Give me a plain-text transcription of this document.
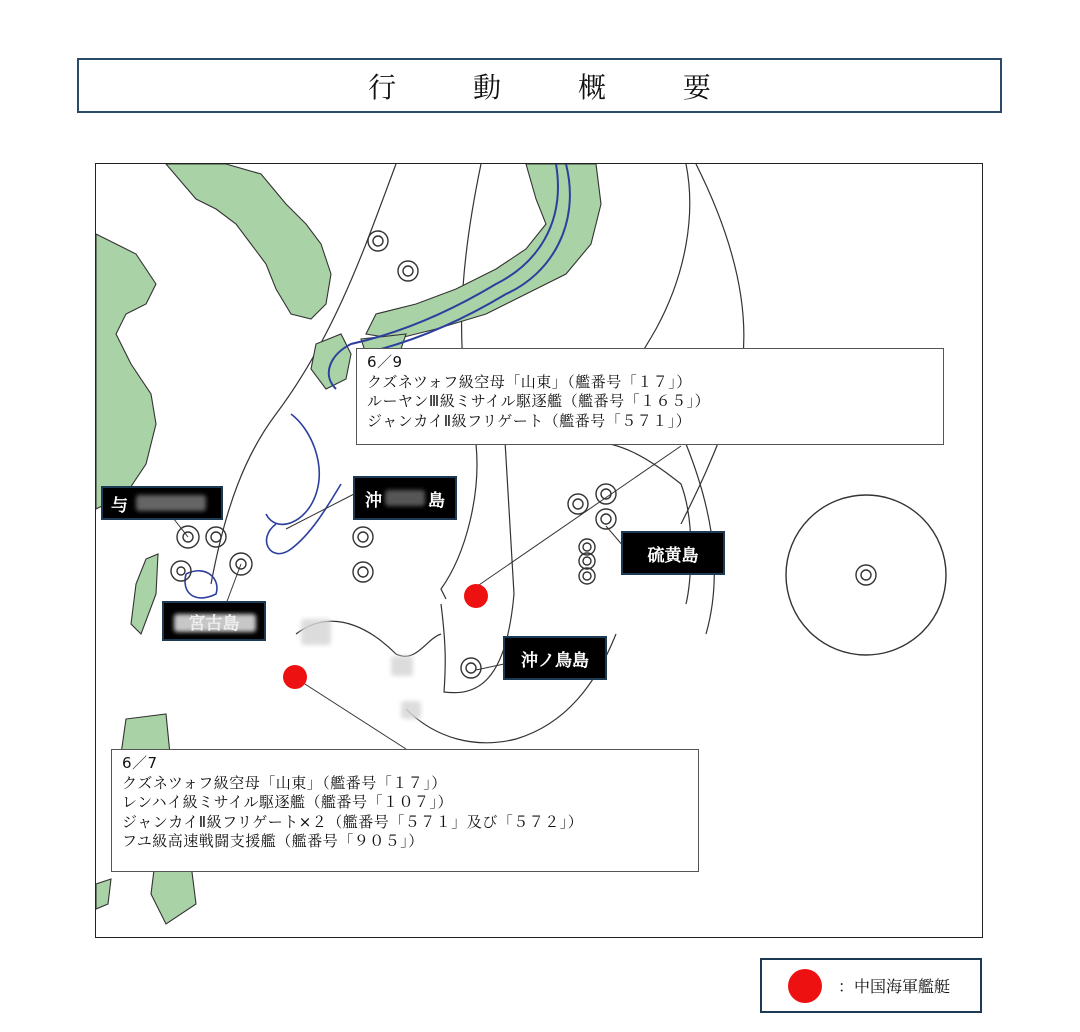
行 動 概 要
6／9
クズネツォフ級空母「山東」（艦番号「１７」）
ルーヤンⅢ級ミサイル駆逐艦（艦番号「１６５」）
ジャンカイⅡ級フリゲート（艦番号「５７１」）
6／7
クズネツォフ級空母「山東」（艦番号「１７」）
レンハイ級ミサイル駆逐艦（艦番号「１０７」）
ジャンカイⅡ級フリゲート×２（艦番号「５７１」及び「５７２」）
フユ級高速戦闘支援艦（艦番号「９０５」）
与	沖	島
硫黄島
沖ノ鳥島
：中国海軍艦艇
